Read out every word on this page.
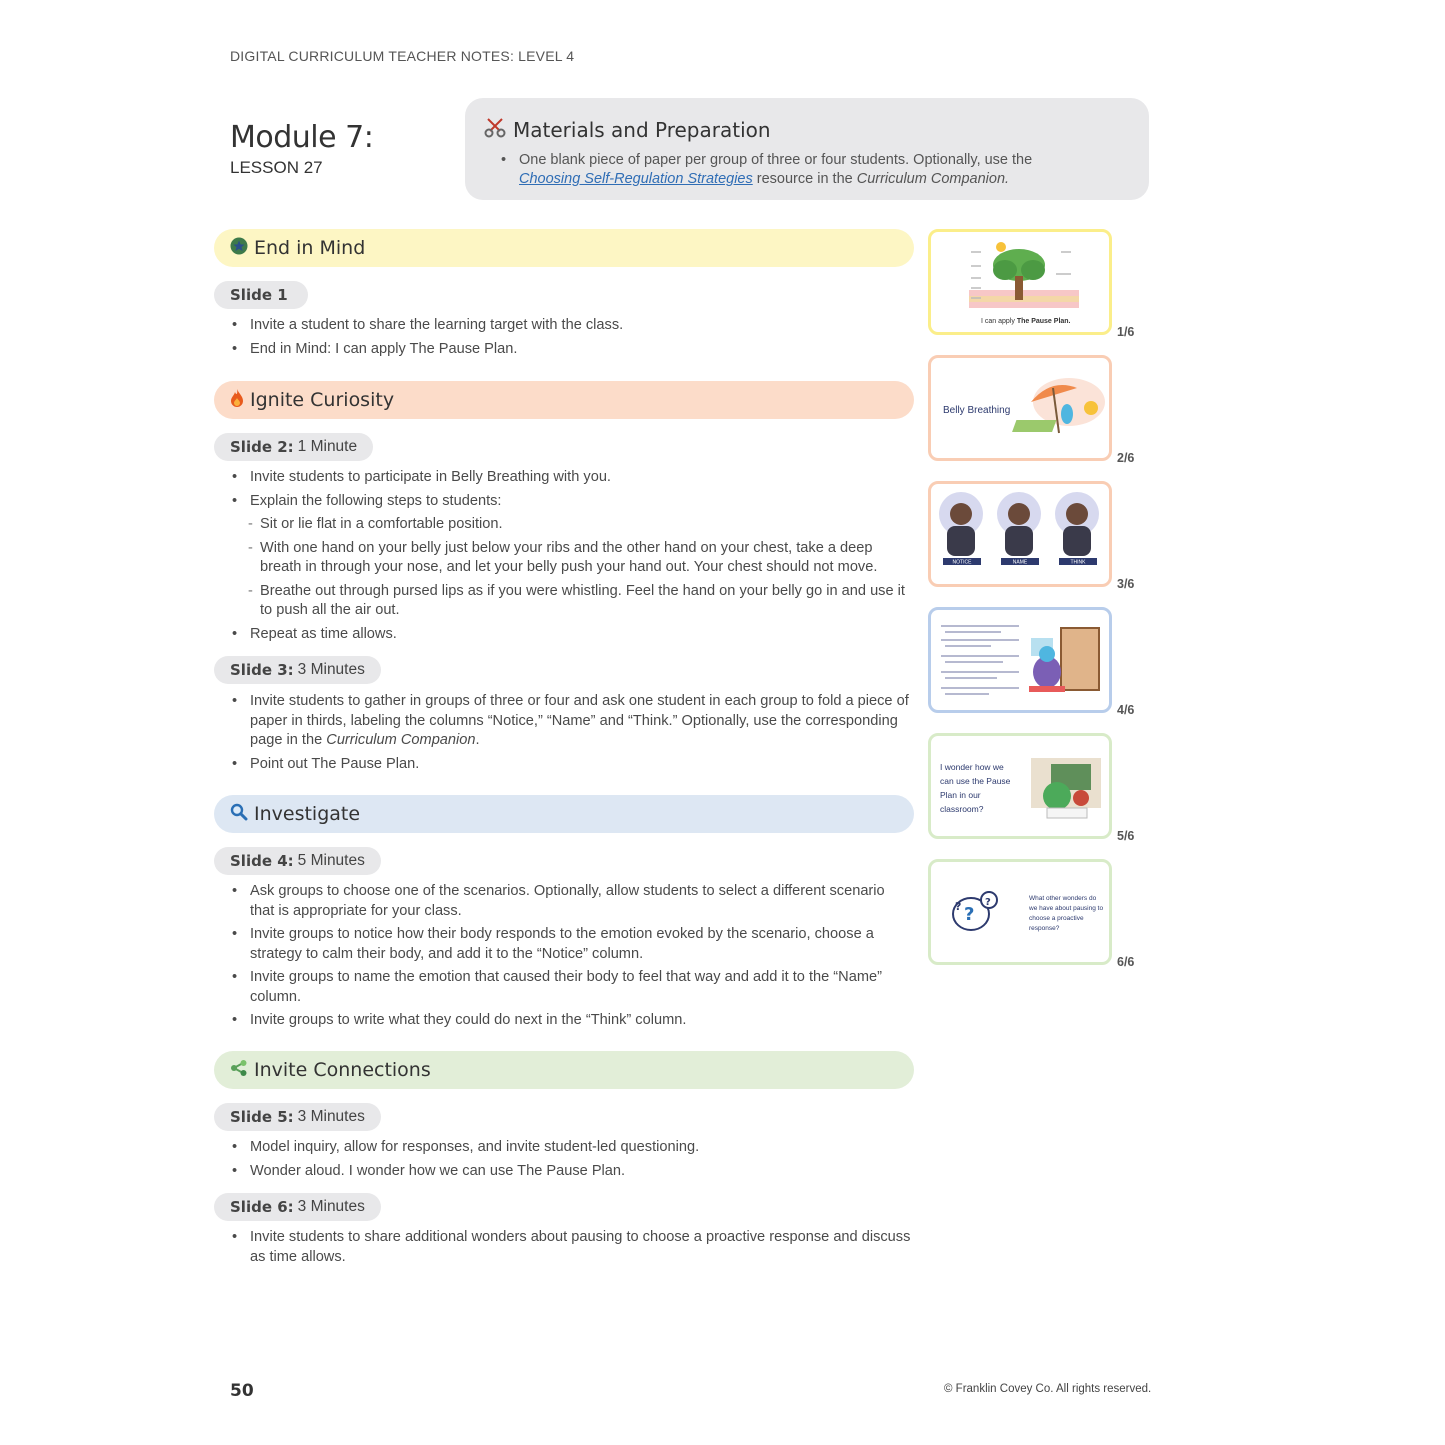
DIGITAL CURRICULUM TEACHER NOTES: LEVEL 4
Module 7:
LESSON 27
Materials and Preparation
• One blank piece of paper per group of three or four students. Optionally, use the
Choosing Self-Regulation Strategies resource in the Curriculum Companion.
End in Mind
Slide 1
• Invite a student to share the learning target with the class.
• End in Mind: I can apply The Pause Plan.
Ignite Curiosity
Slide 2: 1 Minute
• Invite students to participate in Belly Breathing with you.
• Explain the following steps to students:
- Sit or lie flat in a comfortable position.
- With one hand on your belly just below your ribs and the other hand on your chest, take a deep breath in through your nose, and let your belly push your hand out. Your chest should not move.
- Breathe out through pursed lips as if you were whistling. Feel the hand on your belly go in and use it to push all the air out.
• Repeat as time allows.
Slide 3: 3 Minutes
• Invite students to gather in groups of three or four and ask one student in each group to fold a piece of paper in thirds, labeling the columns “Notice,” “Name” and “Think.” Optionally, use the corresponding page in the Curriculum Companion.
• Point out The Pause Plan.
Investigate
Slide 4: 5 Minutes
• Ask groups to choose one of the scenarios. Optionally, allow students to select a different scenario that is appropriate for your class.
• Invite groups to notice how their body responds to the emotion evoked by the scenario, choose a strategy to calm their body, and add it to the “Notice” column.
• Invite groups to name the emotion that caused their body to feel that way and add it to the “Name” column.
• Invite groups to write what they could do next in the “Think” column.
Invite Connections
Slide 5: 3 Minutes
• Model inquiry, allow for responses, and invite student-led questioning.
• Wonder aloud. I wonder how we can use The Pause Plan.
Slide 6: 3 Minutes
• Invite students to share additional wonders about pausing to choose a proactive response and discuss as time allows.
I can apply The Pause Plan.
1/6
Belly Breathing
2/6
NOTICE	NAME	THINK
3/6
4/6
I wonder how we
can use the Pause
Plan in our
classroom?
5/6
?
?
?
What other wonders do
we have about pausing to
choose a proactive
response?
6/6
50	© Franklin Covey Co. All rights reserved.
